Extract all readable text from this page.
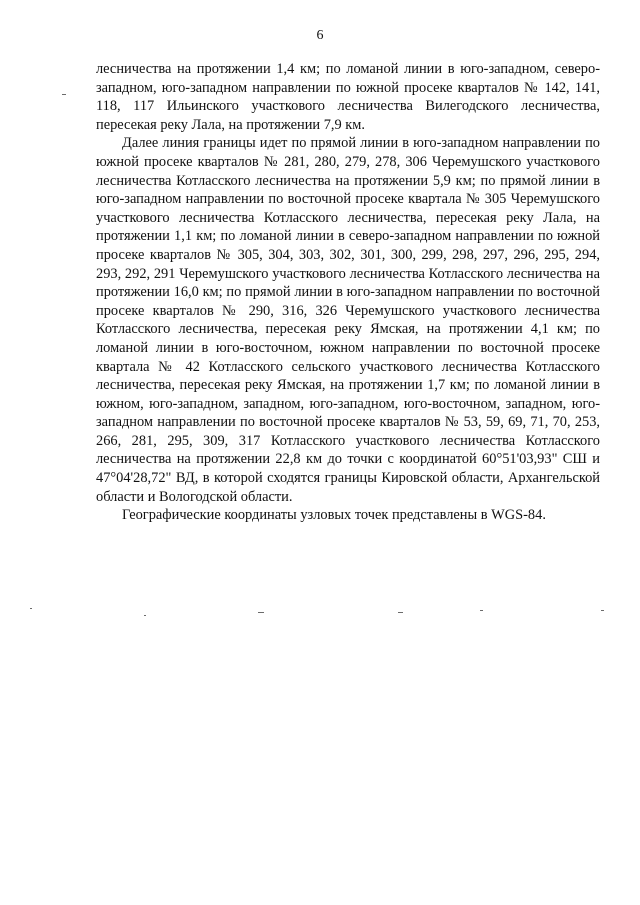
6

лесничества на протяжении 1,4 км; по ломаной линии в юго-западном, северо-западном, юго-западном направлении по южной просеке кварталов № 142, 141, 118, 117 Ильинского участкового лесничества Вилегодского лесничества, пересекая реку Лала, на протяжении 7,9 км.

Далее линия границы идет по прямой линии в юго-западном направлении по южной просеке кварталов № 281, 280, 279, 278, 306 Черемушского участкового лесничества Котласского лесничества на протяжении 5,9 км; по прямой линии в юго-западном направлении по восточной просеке квартала № 305 Черемушского участкового лесничества Котласского лесничества, пересекая реку Лала, на протяжении 1,1 км; по ломаной линии в северо-западном направлении по южной просеке кварталов № 305, 304, 303, 302, 301, 300, 299, 298, 297, 296, 295, 294, 293, 292, 291 Черемушского участкового лесничества Котласского лесничества на протяжении 16,0 км; по прямой линии в юго-западном направлении по восточной просеке кварталов № 290, 316, 326 Черемушского участкового лесничества Котласского лесничества, пересекая реку Ямская, на протяжении 4,1 км; по ломаной линии в юго-восточном, южном направлении по восточной просеке квартала № 42 Котласского сельского участкового лесничества Котласского лесничества, пересекая реку Ямская, на протяжении 1,7 км; по ломаной линии в южном, юго-западном, западном, юго-западном, юго-восточном, западном, юго-западном направлении по восточной просеке кварталов № 53, 59, 69, 71, 70, 253, 266, 281, 295, 309, 317 Котласского участкового лесничества Котласского лесничества на протяжении 22,8 км до точки с координатой 60°51'03,93" СШ и 47°04'28,72" ВД, в которой сходятся границы Кировской области, Архангельской области и Вологодской области.

Географические координаты узловых точек представлены в WGS-84.
